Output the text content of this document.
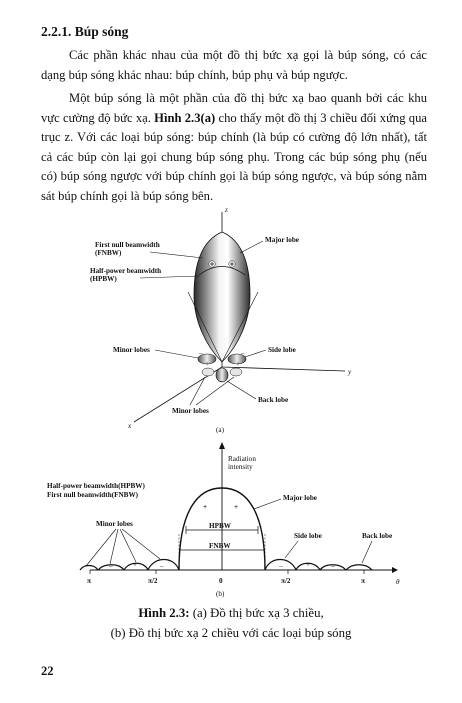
2.2.1. Búp sóng

Các phần khác nhau của một đồ thị bức xạ gọi là búp sóng, có các dạng búp sóng khác nhau: búp chính, búp phụ và búp ngược.

Một búp sóng là một phần của đồ thị bức xạ bao quanh bởi các khu vực cường độ bức xạ. Hình 2.3(a) cho thấy một đồ thị 3 chiều đối xứng qua trục z. Với các loại búp sóng: búp chính (là búp có cường độ lớn nhất), tất cả các búp còn lại gọi chung búp sóng phụ. Trong các búp sóng phụ (nếu có) búp sóng ngược với búp chính gọi là búp sóng ngược, và búp sóng nằm sát búp chính gọi là búp sóng bên.

z
y
x
–	–
+	+
–
First null beamwidth
(FNBW)
Half-power beamwidth
(HPBW)
Major lobe
Minor lobes	Side lobe
Back lobe
Minor lobes
(a)
Radiation
intensity
+	+
HPBW
FNBW
–
+
–	–	+	–
Half-power beamwidth(HPBW)
First null beamwidth(FNBW)	Major lobe
Minor lobes
Side lobe	Back lobe
π	π/2	0	π/2	π	θ
(b)
Hình 2.3: (a) Đồ thị bức xạ 3 chiều,
(b) Đồ thị bức xạ 2 chiều với các loại búp sóng
22
